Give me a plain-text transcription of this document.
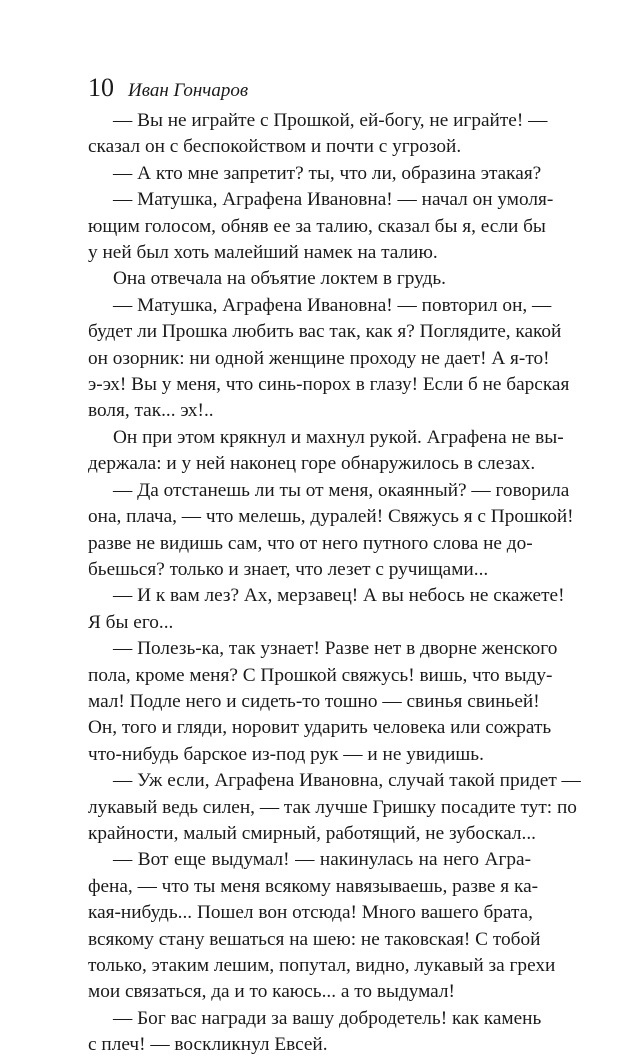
10 Иван Гончаров
— Вы не играйте с Прошкой, ей-богу, не играйте! —
сказал он с беспокойством и почти с угрозой.
— А кто мне запретит? ты, что ли, образина этакая?
— Матушка, Аграфена Ивановна! — начал он умоля-
ющим голосом, обняв ее за талию, сказал бы я, если бы
у ней был хоть малейший намек на талию.
Она отвечала на объятие локтем в грудь.
— Матушка, Аграфена Ивановна! — повторил он, —
будет ли Прошка любить вас так, как я? Поглядите, какой
он озорник: ни одной женщине проходу не дает! А я-то!
э-эх! Вы у меня, что синь-порох в глазу! Если б не барская
воля, так... эх!..
Он при этом крякнул и махнул рукой. Аграфена не вы-
держала: и у ней наконец горе обнаружилось в слезах.
— Да отстанешь ли ты от меня, окаянный? — говорила
она, плача, — что мелешь, дуралей! Свяжусь я с Прошкой!
разве не видишь сам, что от него путного слова не до-
бьешься? только и знает, что лезет с ручищами...
— И к вам лез? Ах, мерзавец! А вы небось не скажете!
Я бы его...
— Полезь-ка, так узнает! Разве нет в дворне женского
пола, кроме меня? С Прошкой свяжусь! вишь, что выду-
мал! Подле него и сидеть-то тошно — свинья свиньей!
Он, того и гляди, норовит ударить человека или сожрать
что-нибудь барское из-под рук — и не увидишь.
— Уж если, Аграфена Ивановна, случай такой придет —
лукавый ведь силен, — так лучше Гришку посадите тут: по
крайности, малый смирный, работящий, не зубоскал...
— Вот еще выдумал! — накинулась на него Агра-
фена, — что ты меня всякому навязываешь, разве я ка-
кая-нибудь... Пошел вон отсюда! Много вашего брата,
всякому стану вешаться на шею: не таковская! С тобой
только, этаким лешим, попутал, видно, лукавый за грехи
мои связаться, да и то каюсь... а то выдумал!
— Бог вас награди за вашу добродетель! как камень
с плеч! — воскликнул Евсей.
